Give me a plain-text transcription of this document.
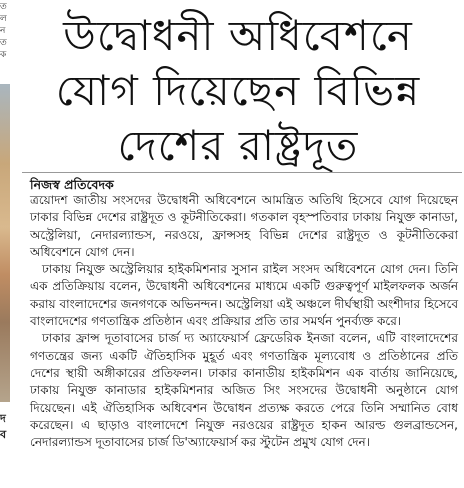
ত
ল
ন
ত
ক
দ
ব
উদ্বোধনী অধিবেশনে
যোগ দিয়েছেন বিভিন্ন
দেশের রাষ্ট্রদূত
নিজস্ব প্রতিবেদক

ত্রয়োদশ জাতীয় সংসদের উদ্বোধনী অধিবেশনে আমন্ত্রিত অতিথি হিসেবে যোগ দিয়েছেন ঢাকার বিভিন্ন দেশের রাষ্ট্রদূত ও কূটনীতিকেরা। গতকাল বৃহস্পতিবার ঢাকায় নিযুক্ত কানাডা, অস্ট্রেলিয়া, নেদারল্যান্ডস, নরওয়ে, ফ্রান্সসহ বিভিন্ন দেশের রাষ্ট্রদূত ও কূটনীতিকেরা অধিবেশনে যোগ দেন।

ঢাকায় নিযুক্ত অস্ট্রেলিয়ার হাইকমিশনার সুসান রাইল সংসদ অধিবেশনে যোগ দেন। তিনি এক প্রতিক্রিয়ায় বলেন, উদ্বোধনী অধিবেশনের মাধ্যমে একটি গুরুত্বপূর্ণ মাইলফলক অর্জন করায় বাংলাদেশের জনগণকে অভিনন্দন। অস্ট্রেলিয়া এই অঞ্চলে দীর্ঘস্থায়ী অংশীদার হিসেবে বাংলাদেশের গণতান্ত্রিক প্রতিষ্ঠান এবং প্রক্রিয়ার প্রতি তার সমর্থন পুনর্ব্যক্ত করে।

ঢাকার ফ্রান্স দূতাবাসের চার্জ দ্য অ্যাফেয়ার্স ফ্রেডেরিক ইনজা বলেন, এটি বাংলাদেশের গণতন্ত্রের জন্য একটি ঐতিহাসিক মুহূর্ত এবং গণতান্ত্রিক মূল্যবোধ ও প্রতিষ্ঠানের প্রতি দেশের স্থায়ী অঙ্গীকারের প্রতিফলন। ঢাকার কানাডীয় হাইকমিশন এক বার্তায় জানিয়েছে, ঢাকায় নিযুক্ত কানাডার হাইকমিশনার অজিত সিং সংসদের উদ্বোধনী অনুষ্ঠানে যোগ দিয়েছেন। এই ঐতিহাসিক অধিবেশন উদ্বোধন প্রত্যক্ষ করতে পেরে তিনি সম্মানিত বোধ করেছেন। এ ছাড়াও বাংলাদেশে নিযুক্ত নরওয়ের রাষ্ট্রদূত হাকন আরল্ড গুলব্রান্ডসেন, নেদারল্যান্ডস দূতাবাসের চার্জ ডি'অ্যাফেয়ার্স কর স্টুটেন প্রমুখ যোগ দেন।
